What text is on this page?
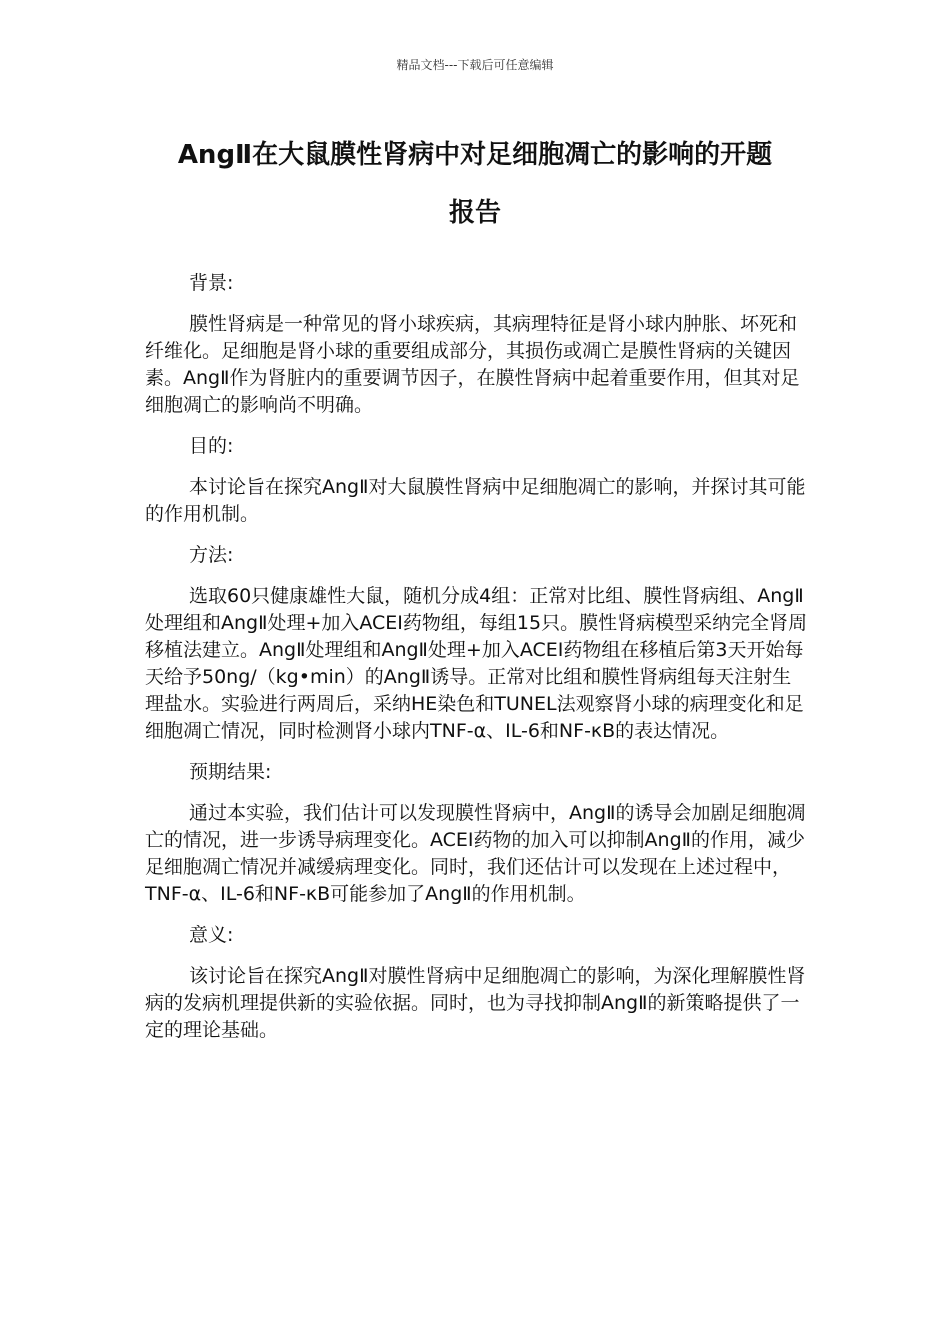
精品文档---下载后可任意编辑
AngⅡ在大鼠膜性肾病中对足细胞凋亡的影响的开题
报告

背景:

膜性肾病是一种常见的肾小球疾病，其病理特征是肾小球内肿胀、坏死和纤维化。足细胞是肾小球的重要组成部分，其损伤或凋亡是膜性肾病的关键因素。AngⅡ作为肾脏内的重要调节因子，在膜性肾病中起着重要作用，但其对足细胞凋亡的影响尚不明确。

目的:

本讨论旨在探究AngⅡ对大鼠膜性肾病中足细胞凋亡的影响，并探讨其可能的作用机制。

方法:

选取60只健康雄性大鼠，随机分成4组：正常对比组、膜性肾病组、AngⅡ处理组和AngⅡ处理+加入ACEI药物组，每组15只。膜性肾病模型采纳完全肾周移植法建立。AngⅡ处理组和AngⅡ处理+加入ACEI药物组在移植后第3天开始每天给予50ng/（kg•min）的AngⅡ诱导。正常对比组和膜性肾病组每天注射生理盐水。实验进行两周后，采纳HE染色和TUNEL法观察肾小球的病理变化和足细胞凋亡情况，同时检测肾小球内TNF-α、IL-6和NF-κB的表达情况。

预期结果:

通过本实验，我们估计可以发现膜性肾病中，AngⅡ的诱导会加剧足细胞凋亡的情况，进一步诱导病理变化。ACEI药物的加入可以抑制AngⅡ的作用，减少足细胞凋亡情况并减缓病理变化。同时，我们还估计可以发现在上述过程中，TNF-α、IL-6和NF-κB可能参加了AngⅡ的作用机制。

意义:

该讨论旨在探究AngⅡ对膜性肾病中足细胞凋亡的影响，为深化理解膜性肾病的发病机理提供新的实验依据。同时，也为寻找抑制AngⅡ的新策略提供了一定的理论基础。
